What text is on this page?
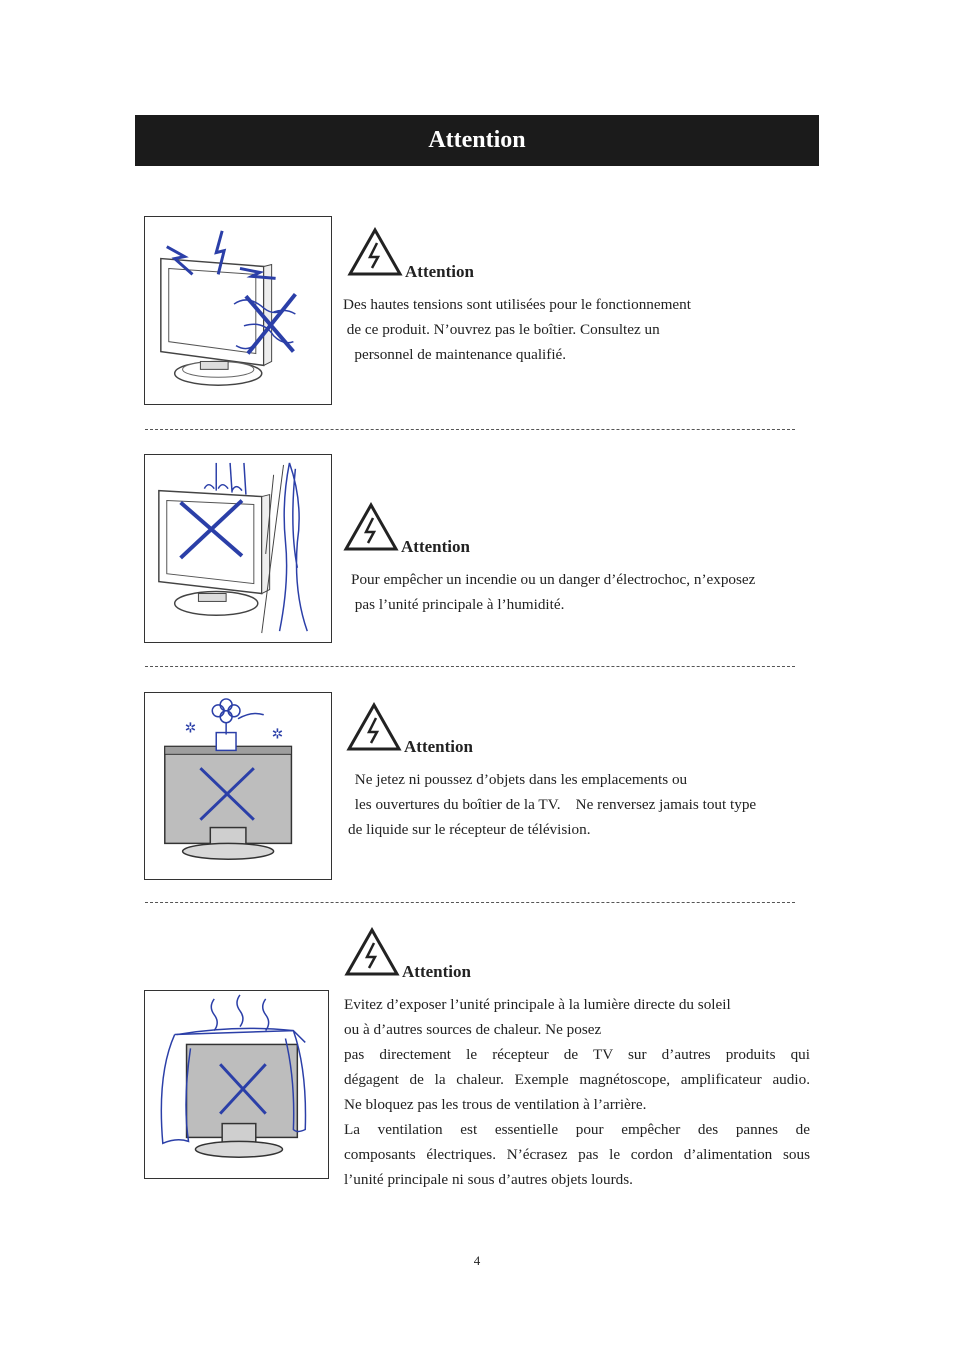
Attention
Attention
Des hautes tensions sont utilisées pour le fonctionnement
de ce produit. N’ouvrez pas le boîtier. Consultez un
personnel de maintenance qualifié.
Attention
Pour empêcher un incendie ou un danger d’électrochoc, n’exposez
pas l’unité principale à l’humidité.
✲	✲
Attention
Ne jetez ni poussez d’objets dans les emplacements ou
les ouvertures du boîtier de la TV.    Ne renversez jamais tout type
de liquide sur le récepteur de télévision.
Attention
Evitez d’exposer l’unité principale à la lumière directe du soleil
ou à d’autres sources de chaleur. Ne posez
pas directement le récepteur de TV sur d’autres produits qui
dégagent de la chaleur. Exemple magnétoscope, amplificateur audio.
Ne bloquez pas les trous de ventilation à l’arrière.
La ventilation est essentielle pour empêcher des pannes de
composants électriques. N’écrasez pas le cordon d’alimentation sous
l’unité principale ni sous d’autres objets lourds.
4
